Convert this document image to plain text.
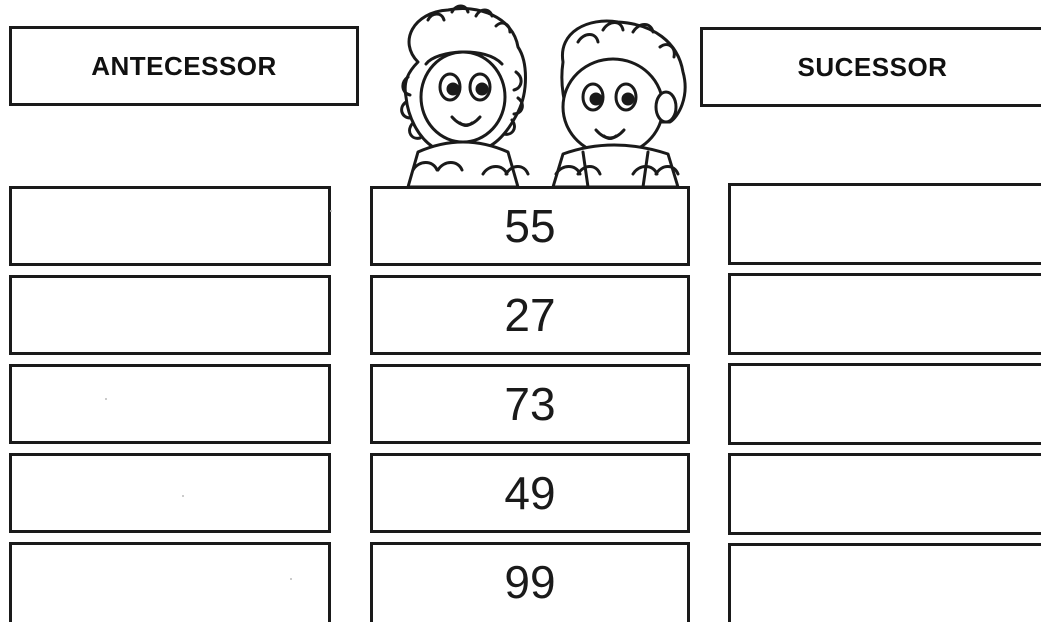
ANTECESSOR	SUCESSOR
55
27
73
49
99
